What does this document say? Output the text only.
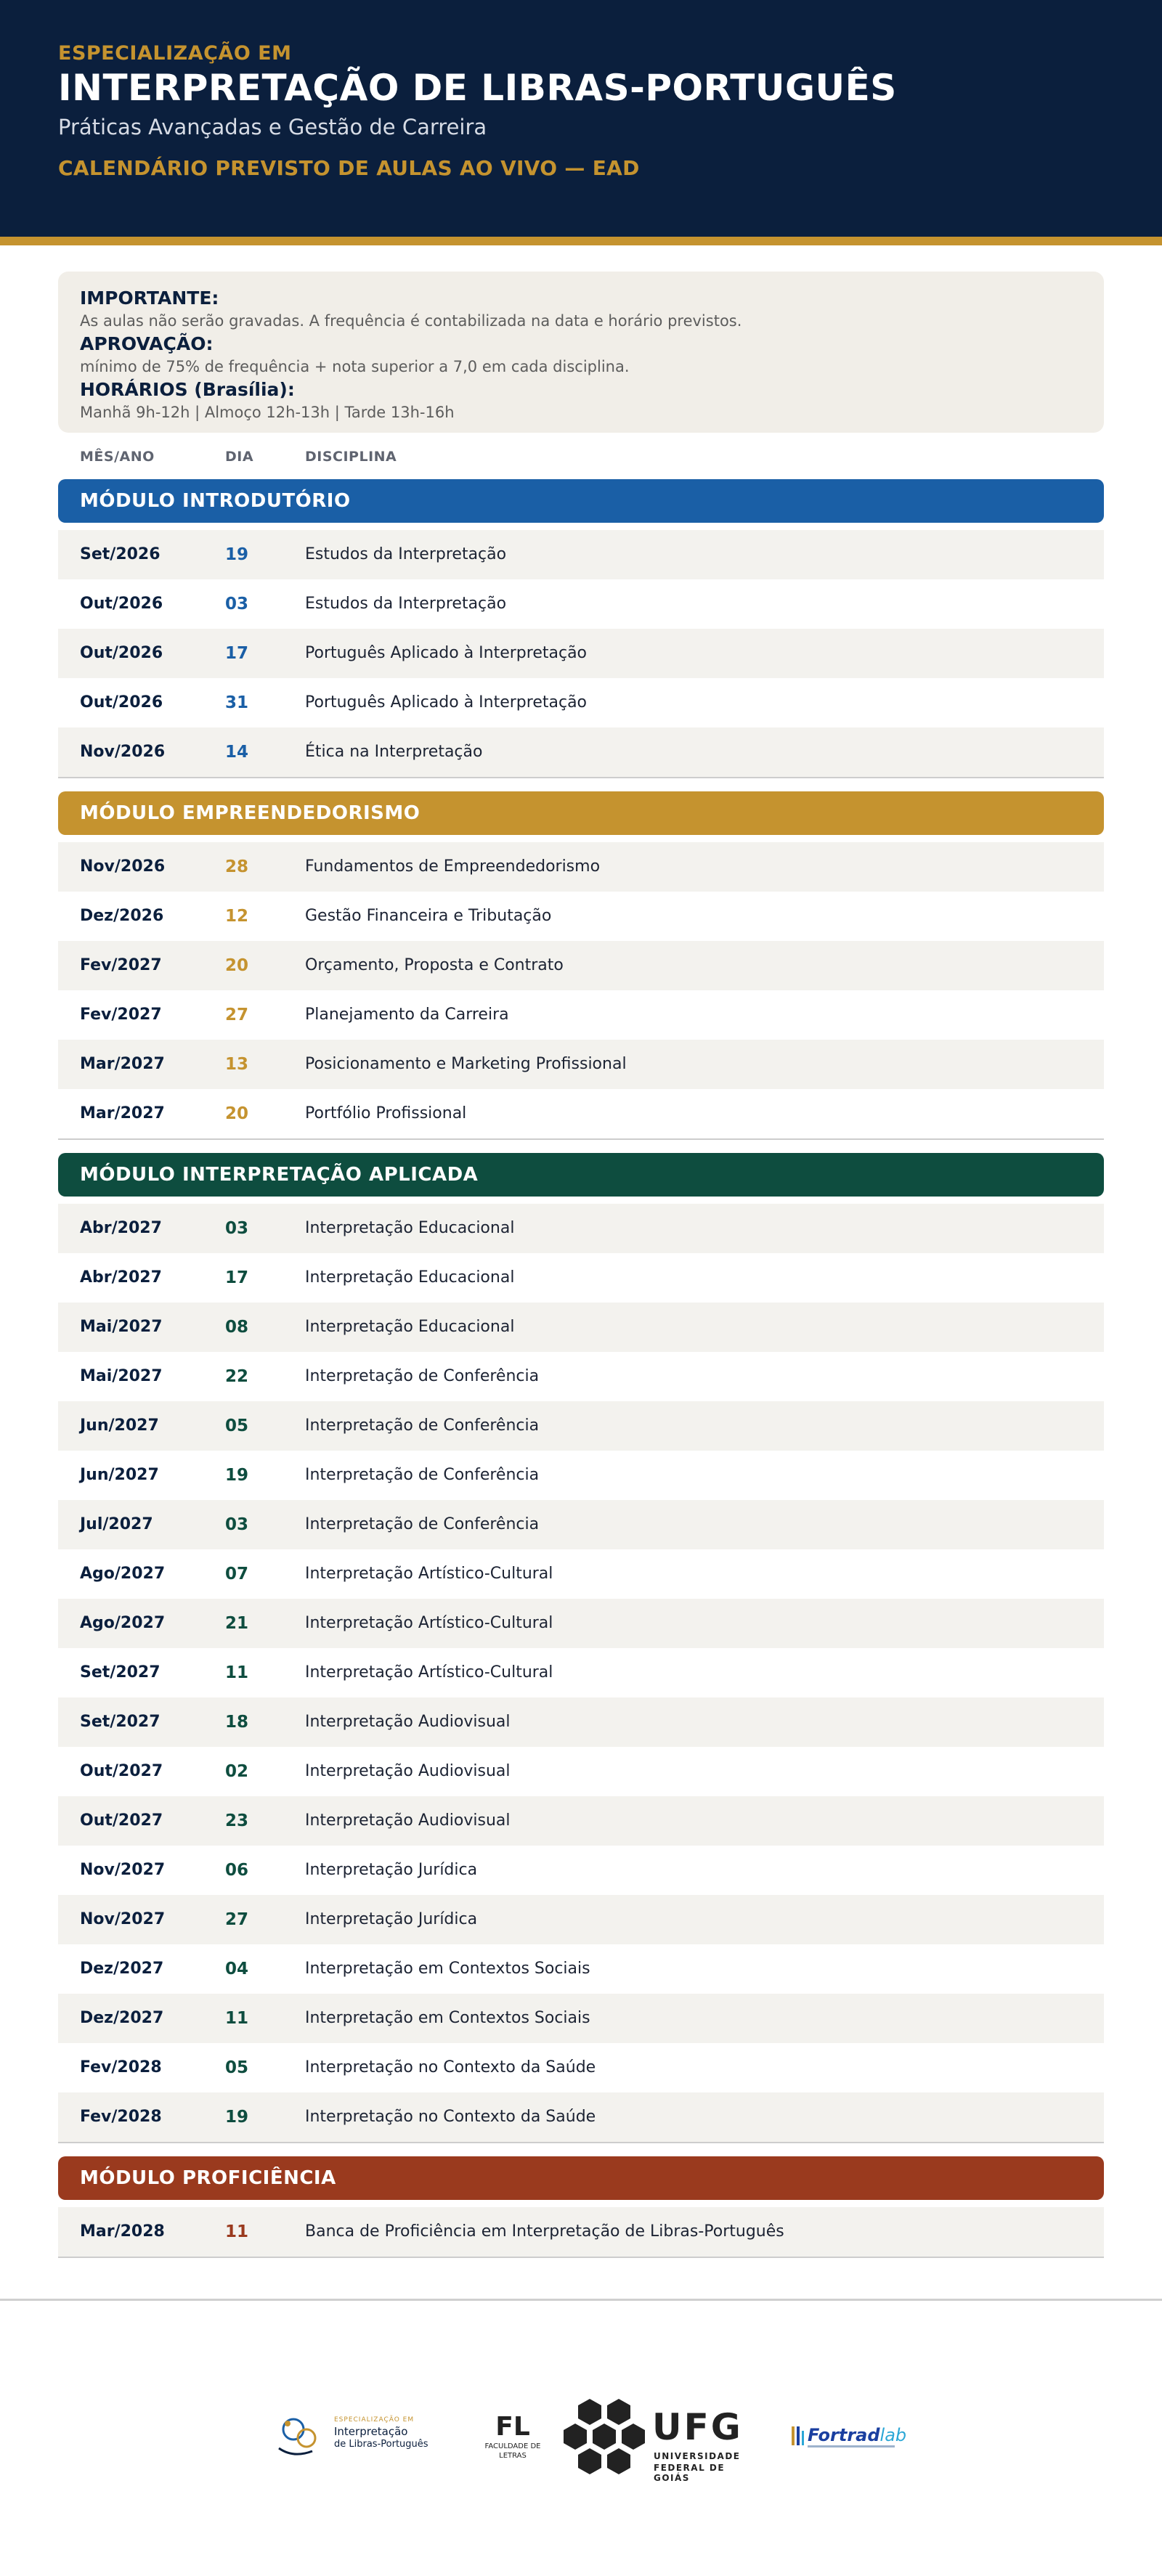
ESPECIALIZAÇÃO EM
INTERPRETAÇÃO DE LIBRAS-PORTUGUÊS
Práticas Avançadas e Gestão de Carreira
CALENDÁRIO PREVISTO DE AULAS AO VIVO — EAD
IMPORTANTE:
As aulas não serão gravadas. A frequência é contabilizada na data e horário previstos.
APROVAÇÃO:
mínimo de 75% de frequência + nota superior a 7,0 em cada disciplina.
HORÁRIOS (Brasília):
Manhã 9h-12h | Almoço 12h-13h | Tarde 13h-16h
MÊS/ANO	DIA	DISCIPLINA
MÓDULO INTRODUTÓRIO
Set/2026	19	Estudos da Interpretação
Out/2026	03	Estudos da Interpretação
Out/2026	17	Português Aplicado à Interpretação
Out/2026	31	Português Aplicado à Interpretação
Nov/2026	14	Ética na Interpretação
MÓDULO EMPREENDEDORISMO
Nov/2026	28	Fundamentos de Empreendedorismo
Dez/2026	12	Gestão Financeira e Tributação
Fev/2027	20	Orçamento, Proposta e Contrato
Fev/2027	27	Planejamento da Carreira
Mar/2027	13	Posicionamento e Marketing Profissional
Mar/2027	20	Portfólio Profissional
MÓDULO INTERPRETAÇÃO APLICADA
Abr/2027	03	Interpretação Educacional
Abr/2027	17	Interpretação Educacional
Mai/2027	08	Interpretação Educacional
Mai/2027	22	Interpretação de Conferência
Jun/2027	05	Interpretação de Conferência
Jun/2027	19	Interpretação de Conferência
Jul/2027	03	Interpretação de Conferência
Ago/2027	07	Interpretação Artístico-Cultural
Ago/2027	21	Interpretação Artístico-Cultural
Set/2027	11	Interpretação Artístico-Cultural
Set/2027	18	Interpretação Audiovisual
Out/2027	02	Interpretação Audiovisual
Out/2027	23	Interpretação Audiovisual
Nov/2027	06	Interpretação Jurídica
Nov/2027	27	Interpretação Jurídica
Dez/2027	04	Interpretação em Contextos Sociais
Dez/2027	11	Interpretação em Contextos Sociais
Fev/2028	05	Interpretação no Contexto da Saúde
Fev/2028	19	Interpretação no Contexto da Saúde
MÓDULO PROFICIÊNCIA
Mar/2028	11	Banca de Proficiência em Interpretação de Libras-Português
ESPECIALIZAÇÃO EM
Interpretação
de Libras-Português
FL
FACULDADE DE
LETRAS
UFG
UNIVERSIDADE
FEDERAL DE GOIÁS
Fortradlab
